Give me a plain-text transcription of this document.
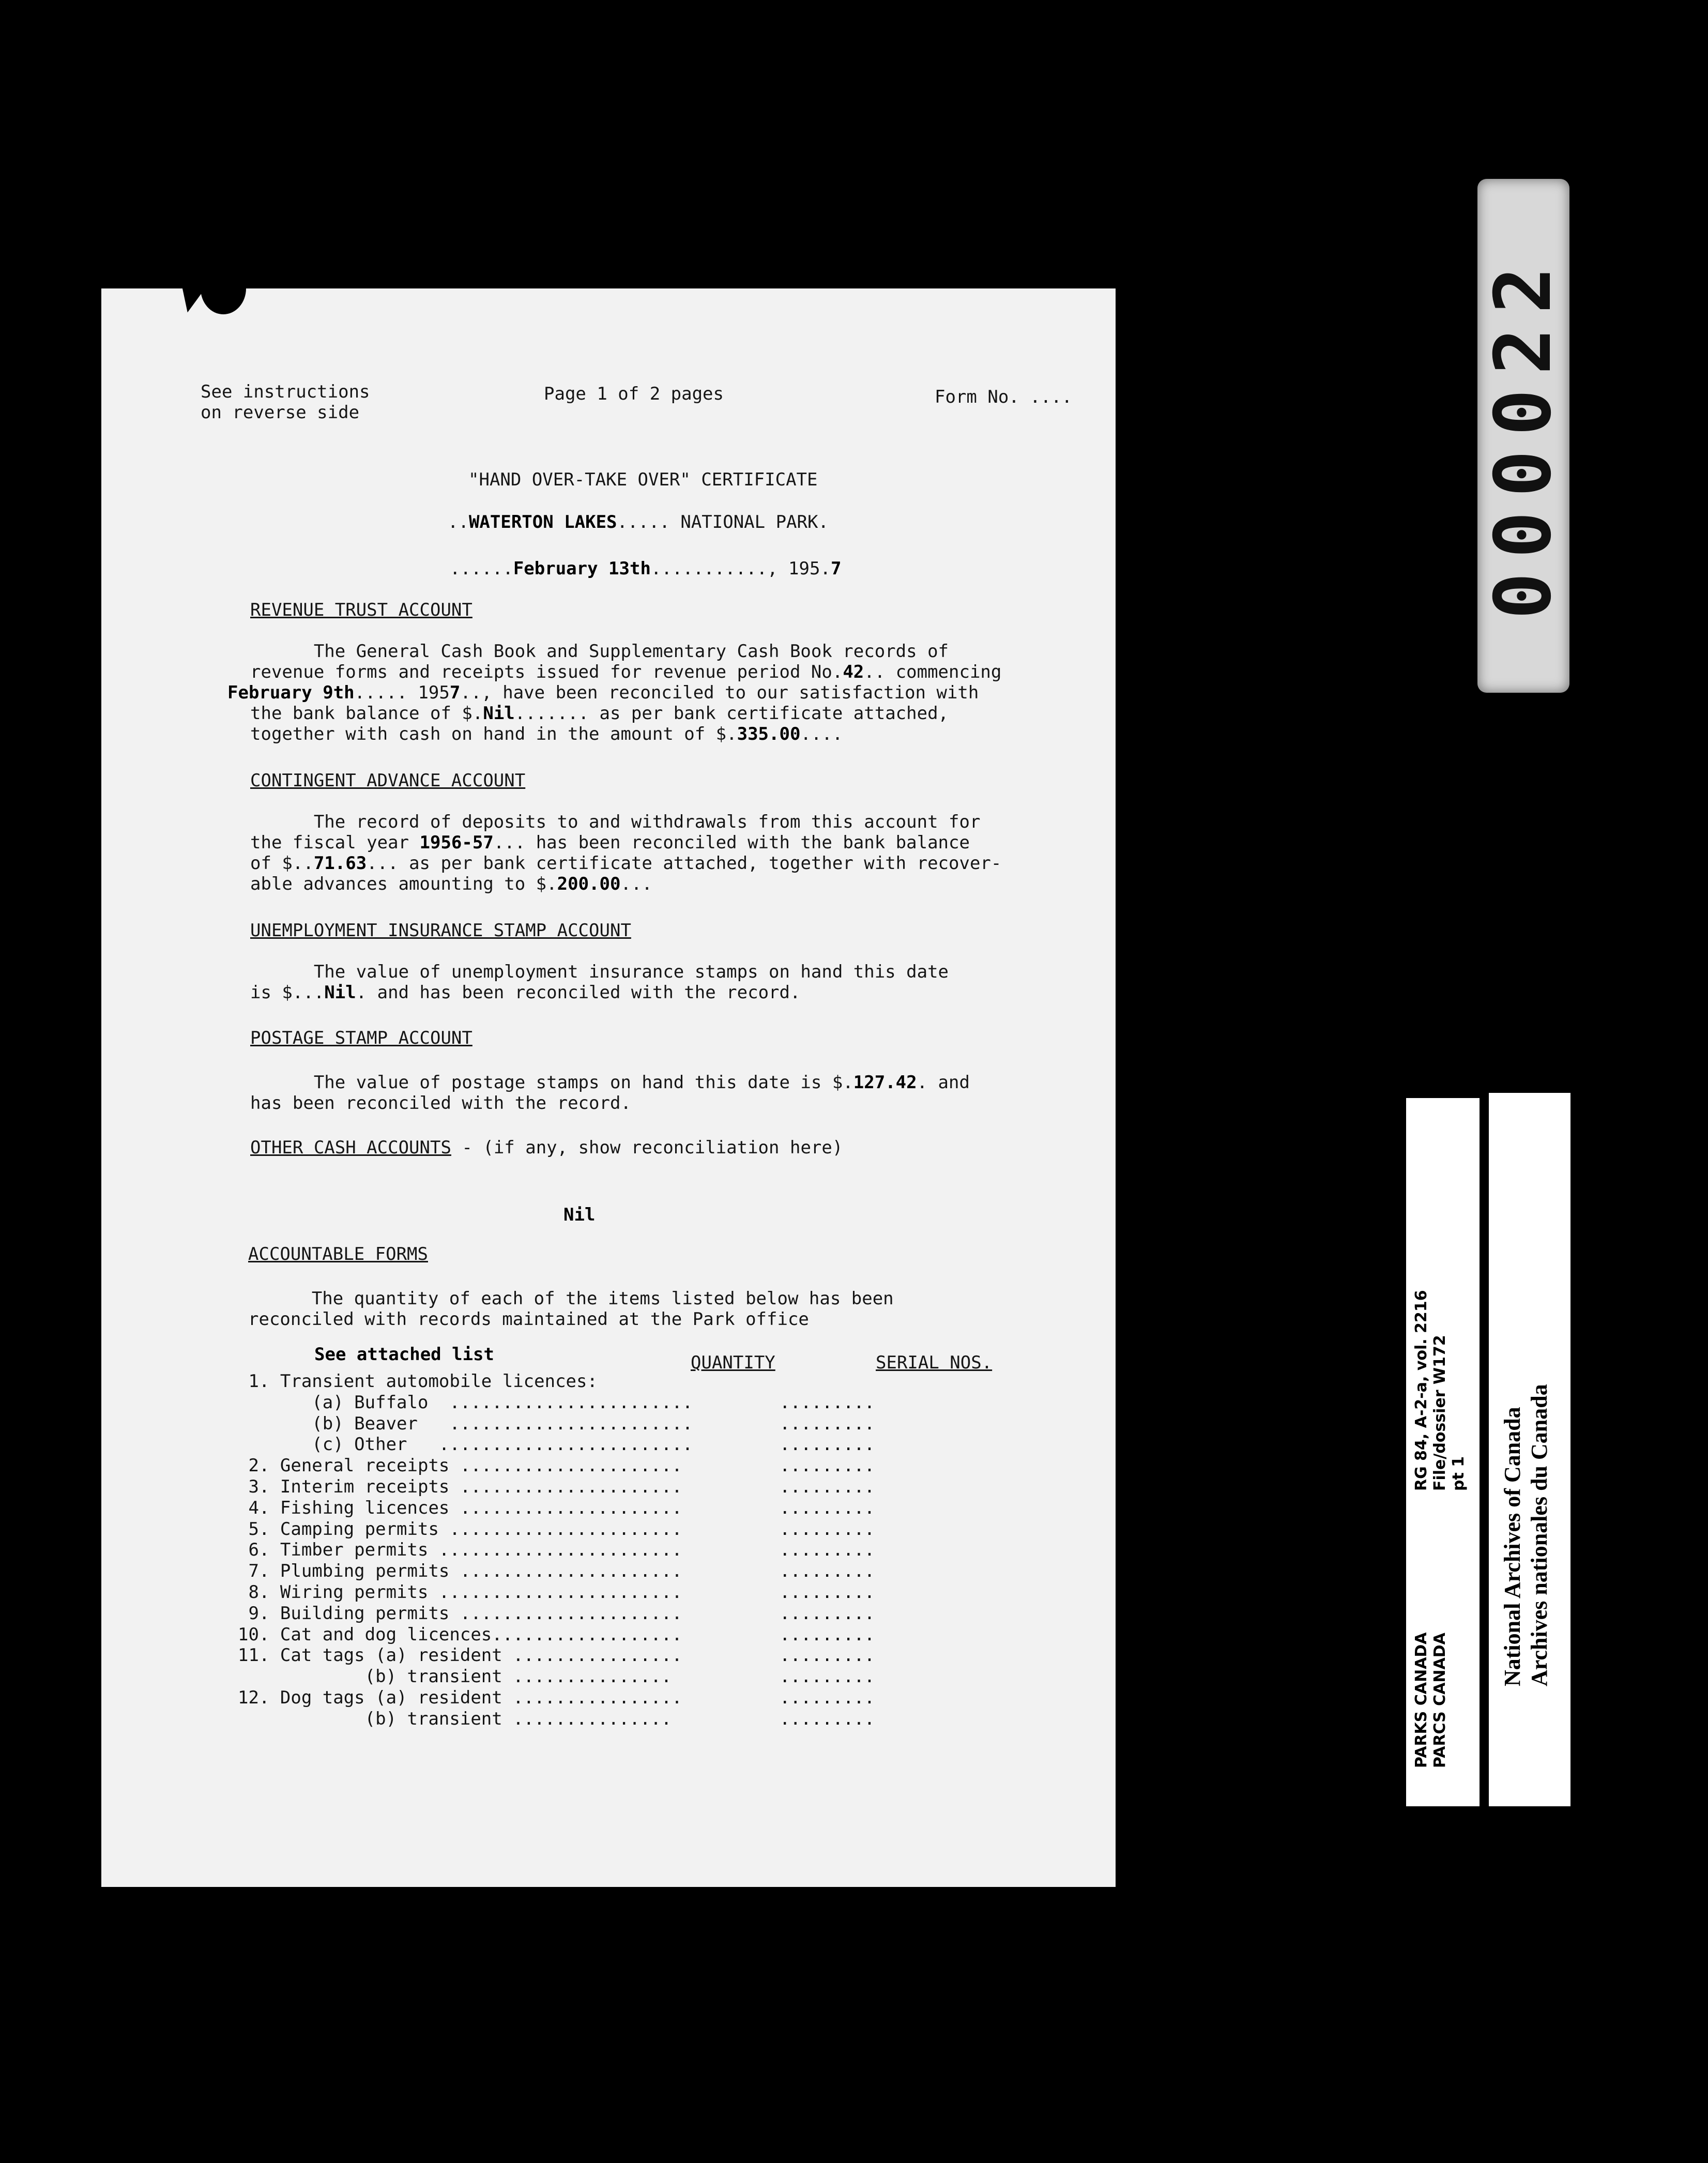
See instructions
on reverse side
Page 1 of 2 pages	Form No. ....
"HAND OVER-TAKE OVER" CERTIFICATE
..WATERTON LAKES..... NATIONAL PARK.
......February 13th..........., 195.7
REVENUE TRUST ACCOUNT
The General Cash Book and Supplementary Cash Book records of
revenue forms and receipts issued for revenue period No.42.. commencing
February 9th..... 1957.., have been reconciled to our satisfaction with
the bank balance of $.Nil....... as per bank certificate attached,
together with cash on hand in the amount of $.335.00....
CONTINGENT ADVANCE ACCOUNT
The record of deposits to and withdrawals from this account for
the fiscal year 1956-57... has been reconciled with the bank balance
of $..71.63... as per bank certificate attached, together with recover-
able advances amounting to $.200.00...
UNEMPLOYMENT INSURANCE STAMP ACCOUNT
The value of unemployment insurance stamps on hand this date
is $...Nil. and has been reconciled with the record.
POSTAGE STAMP ACCOUNT
The value of postage stamps on hand this date is $.127.42. and
has been reconciled with the record.
OTHER CASH ACCOUNTS - (if any, show reconciliation here)
Nil
ACCOUNTABLE FORMS
The quantity of each of the items listed below has been
reconciled with records maintained at the Park office
See attached list	QUANTITY	SERIAL NOS.
1. Transient automobile licences:
(a) Buffalo  .......................	.........
(b) Beaver   .......................	.........
(c) Other   ........................	.........
2. General receipts .....................	.........
3. Interim receipts .....................	.........
4. Fishing licences .....................	.........
5. Camping permits ......................	.........
6. Timber permits .......................	.........
7. Plumbing permits .....................	.........
8. Wiring permits .......................	.........
9. Building permits .....................	.........
10. Cat and dog licences..................	.........
11. Cat tags (a) resident ................	.........
(b) transient ...............	.........
12. Dog tags (a) resident ................	.........
(b) transient ...............	.........
000022
PARKS CANADA
PARCS CANADA
RG 84, A-2-a, vol. 2216
File/dossier W172
pt 1 National Archives of Canada
Archives nationales du Canada
